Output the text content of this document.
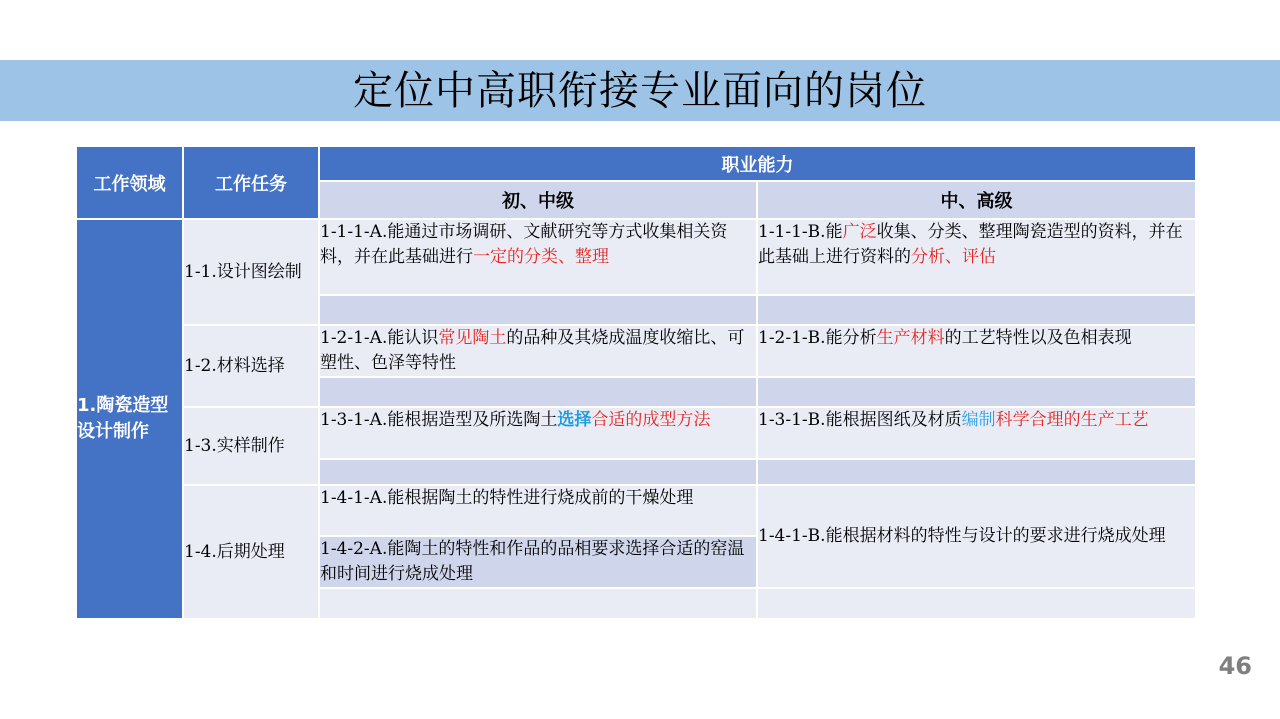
定位中高职衔接专业面向的岗位
工作领域	工作任务	职业能力	
		初、中级	中、高级
1.陶瓷造型设计制作	1-1.设计图绘制	1-1-1-A.能通过市场调研、文献研究等方式收集相关资料，并在此基础进行一定的分类、整理	1-1-1-B.能广泛收集、分类、整理陶瓷造型的资料，并在此基础上进行资料的分析、评估

	1-2.材料选择	1-2-1-A.能认识常见陶土的品种及其烧成温度收缩比、可塑性、色泽等特性	1-2-1-B.能分析生产材料的工艺特性以及色相表现

	1-3.实样制作	1-3-1-A.能根据造型及所选陶土选择合适的成型方法	1-3-1-B.能根据图纸及材质编制科学合理的生产工艺

	1-4.后期处理	1-4-1-A.能根据陶土的特性进行烧成前的干燥处理	1-4-1-B.能根据材料的特性与设计的要求进行烧成处理
		1-4-2-A.能陶土的特性和作品的品相要求选择合适的窑温和时间进行烧成处理	

46
